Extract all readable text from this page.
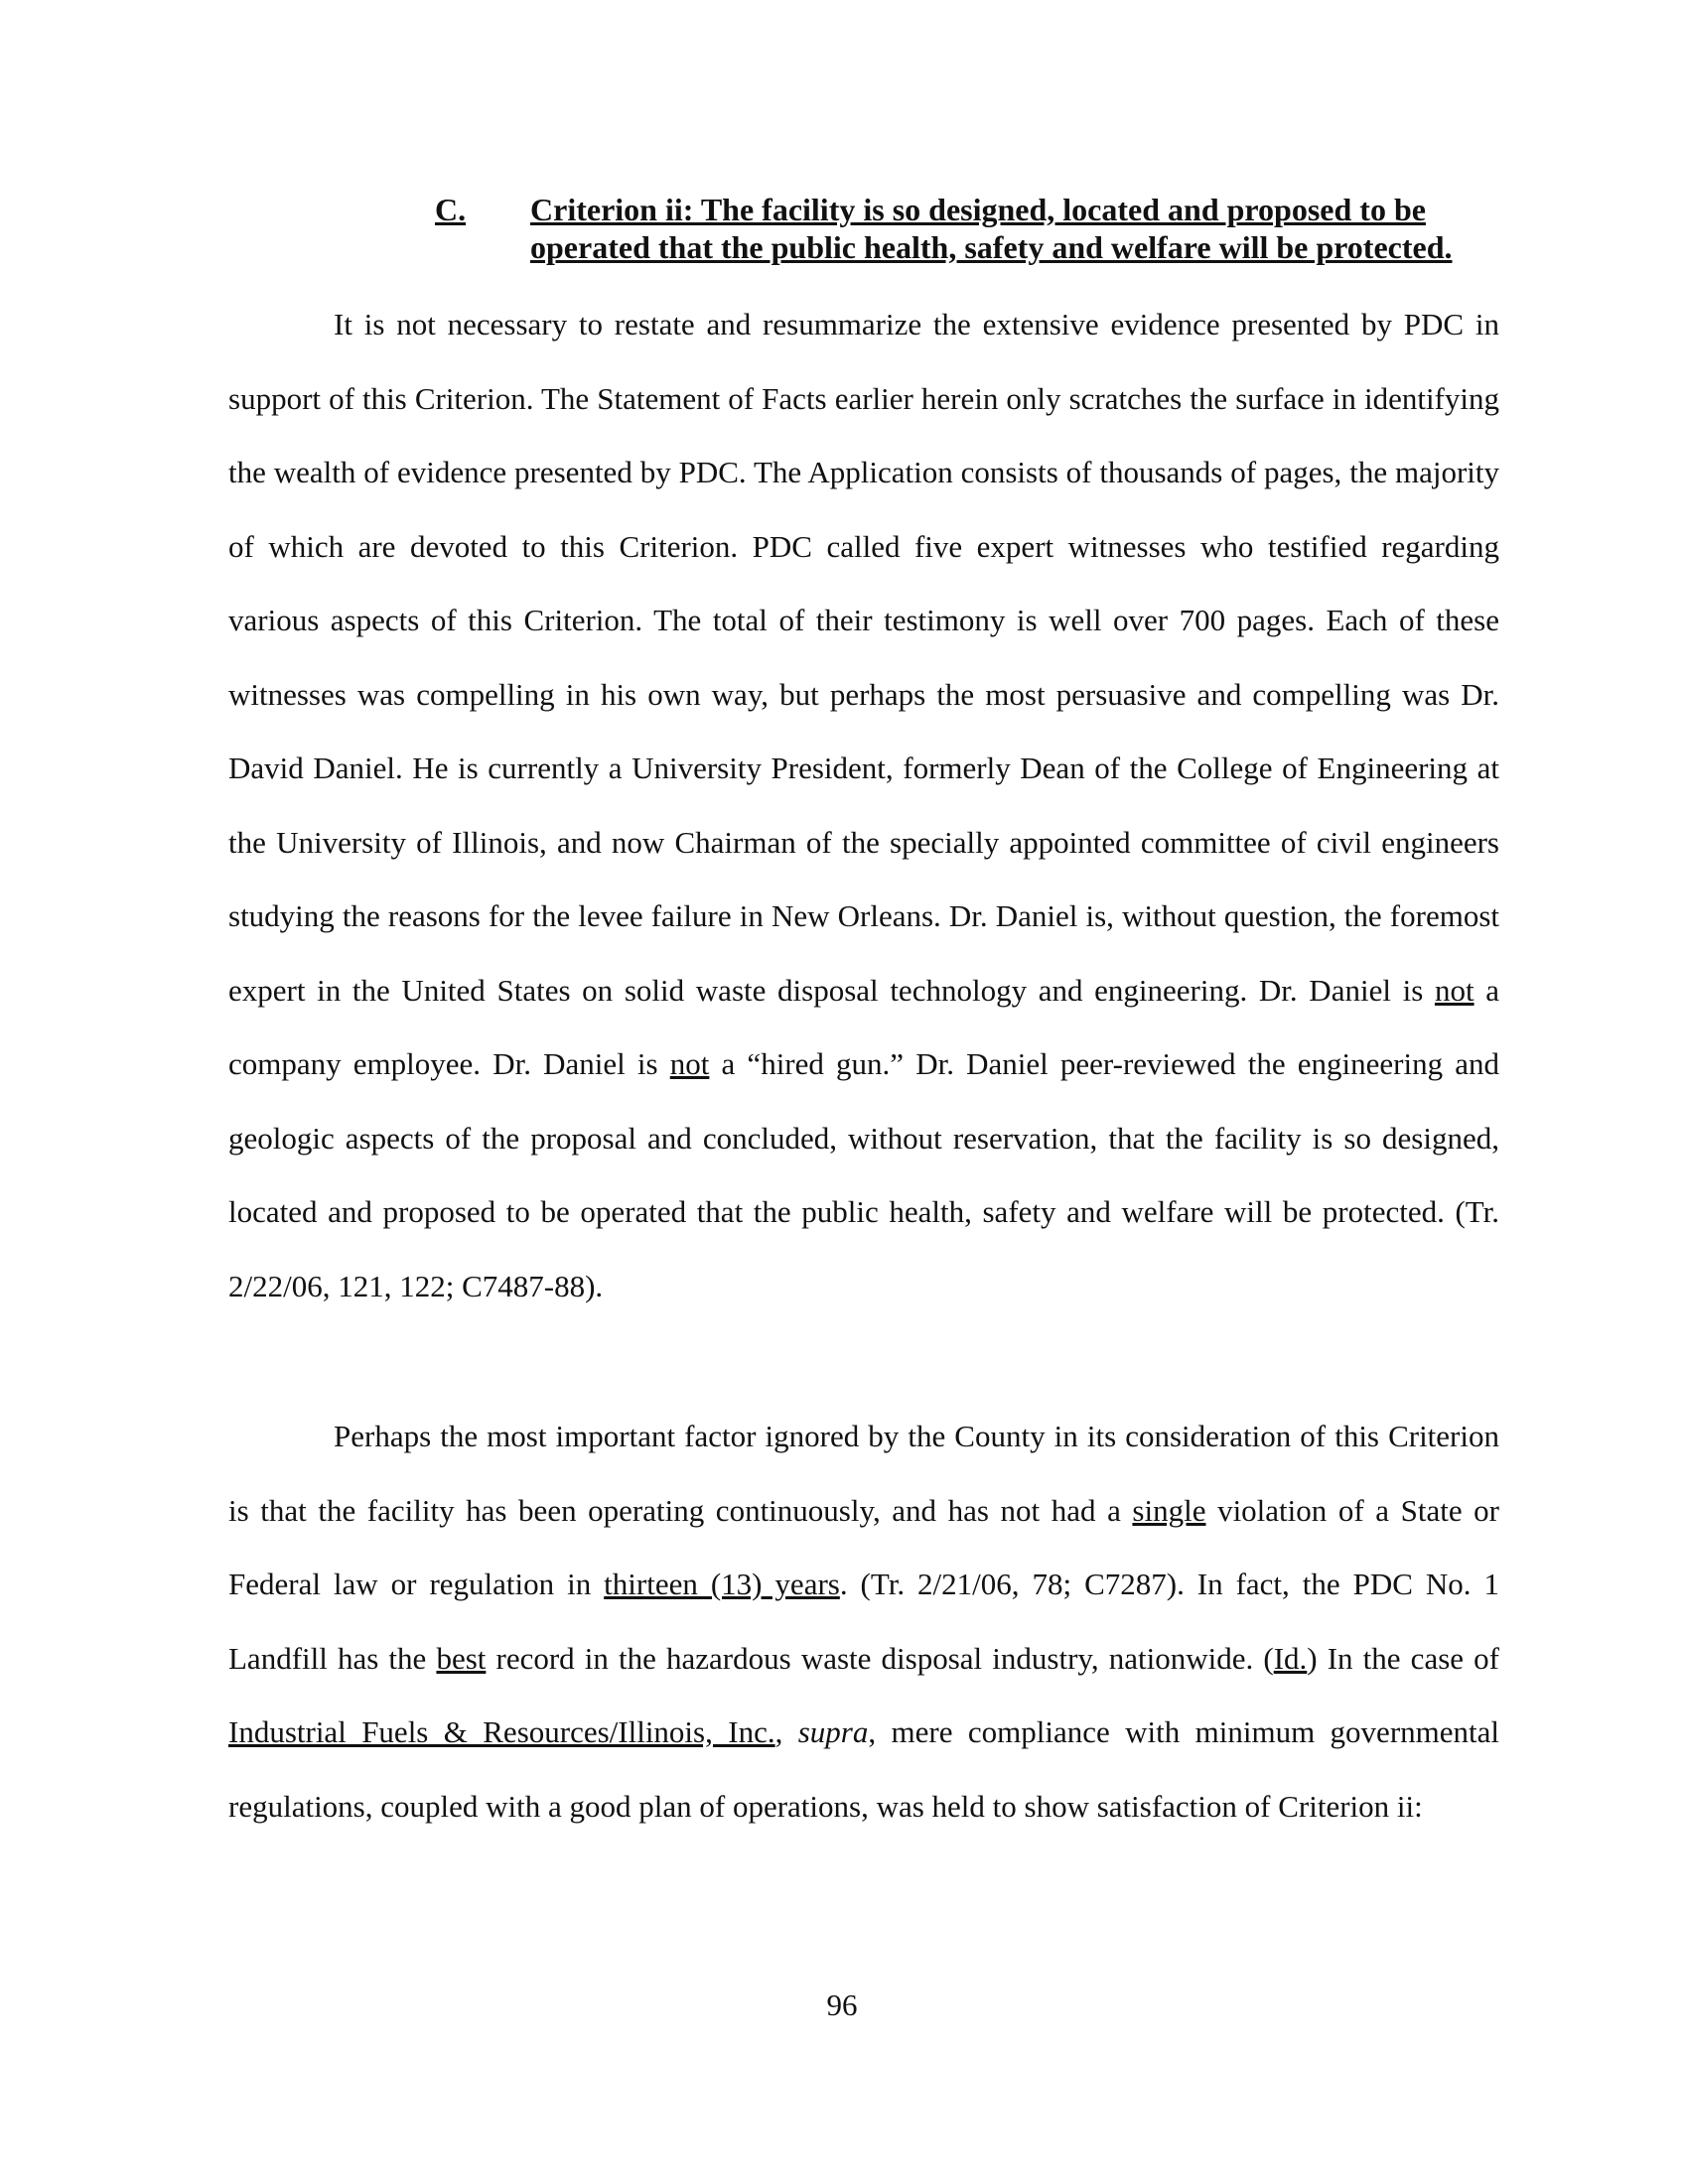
C. Criterion ii: The facility is so designed, located and proposed to be
operated that the public health, safety and welfare will be protected.

It is not necessary to restate and resummarize the extensive evidence presented by PDC in support of this Criterion. The Statement of Facts earlier herein only scratches the surface in identifying the wealth of evidence presented by PDC. The Application consists of thousands of pages, the majority of which are devoted to this Criterion. PDC called five expert witnesses who testified regarding various aspects of this Criterion. The total of their testimony is well over 700 pages. Each of these witnesses was compelling in his own way, but perhaps the most persuasive and compelling was Dr. David Daniel. He is currently a University President, formerly Dean of the College of Engineering at the University of Illinois, and now Chairman of the specially appointed committee of civil engineers studying the reasons for the levee failure in New Orleans. Dr. Daniel is, without question, the foremost expert in the United States on solid waste disposal technology and engineering. Dr. Daniel is not a company employee. Dr. Daniel is not a “hired gun.” Dr. Daniel peer-reviewed the engineering and geologic aspects of the proposal and concluded, without reservation, that the facility is so designed, located and proposed to be operated that the public health, safety and welfare will be protected. (Tr. 2/22/06, 121, 122; C7487-88).

Perhaps the most important factor ignored by the County in its consideration of this Criterion is that the facility has been operating continuously, and has not had a single violation of a State or Federal law or regulation in thirteen (13) years. (Tr. 2/21/06, 78; C7287). In fact, the PDC No. 1 Landfill has the best record in the hazardous waste disposal industry, nationwide. (Id.) In the case of Industrial Fuels & Resources/Illinois, Inc., supra, mere compliance with minimum governmental regulations, coupled with a good plan of operations, was held to show satisfaction of Criterion ii:

96
